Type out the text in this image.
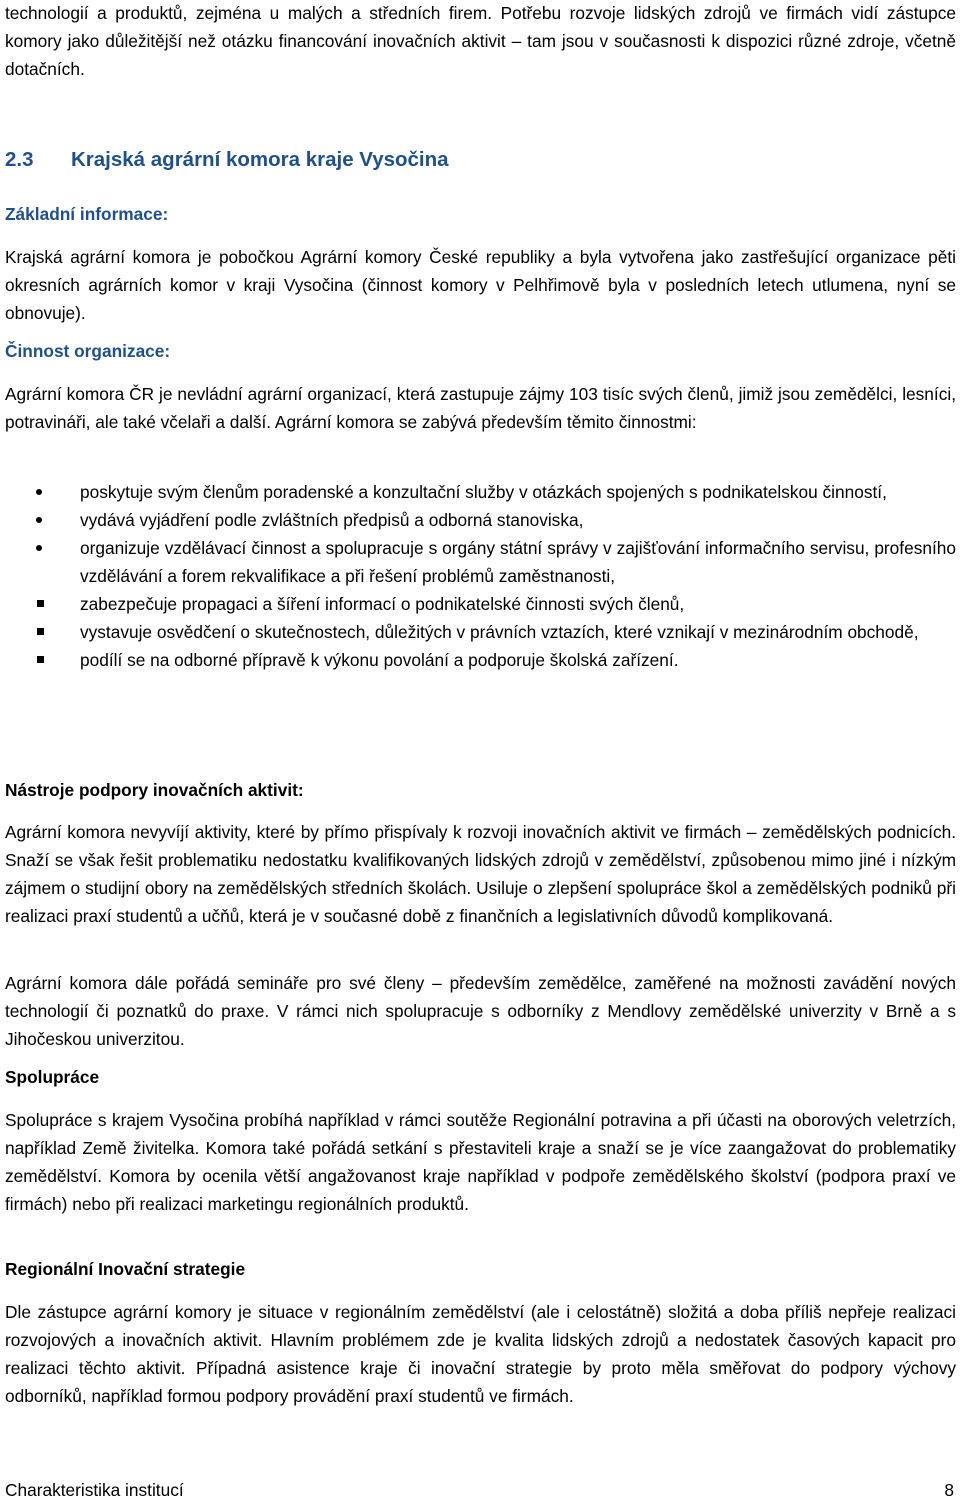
technologií a produktů, zejména u malých a středních firem. Potřebu rozvoje lidských zdrojů ve firmách vidí zástupce komory jako důležitější než otázku financování inovačních aktivit – tam jsou v současnosti k dispozici různé zdroje, včetně dotačních.

2.3 Krajská agrární komora kraje Vysočina
Základní informace:

Krajská agrární komora je pobočkou Agrární komory České republiky a byla vytvořena jako zastřešující organizace pěti okresních agrárních komor v kraji Vysočina (činnost komory v Pelhřimově byla v posledních letech utlumena, nyní se obnovuje).

Činnost organizace:

Agrární komora ČR je nevládní agrární organizací, která zastupuje zájmy 103 tisíc svých členů, jimiž jsou zemědělci, lesníci, potravináři, ale také včelaři a další. Agrární komora se zabývá především těmito činnostmi:

poskytuje svým členům poradenské a konzultační služby v otázkách spojených s podnikatelskou činností,
vydává vyjádření podle zvláštních předpisů a odborná stanoviska,
organizuje vzdělávací činnost a spolupracuje s orgány státní správy v zajišťování informačního servisu, profesního vzdělávání a forem rekvalifikace a při řešení problémů zaměstnanosti,
zabezpečuje propagaci a šíření informací o podnikatelské činnosti svých členů,
vystavuje osvědčení o skutečnostech, důležitých v právních vztazích, které vznikají v mezinárodním obchodě,
podílí se na odborné přípravě k výkonu povolání a podporuje školská zařízení.
Nástroje podpory inovačních aktivit:

Agrární komora nevyvíjí aktivity, které by přímo přispívaly k rozvoji inovačních aktivit ve firmách – zemědělských podnicích. Snaží se však řešit problematiku nedostatku kvalifikovaných lidských zdrojů v zemědělství, způsobenou mimo jiné i nízkým zájmem o studijní obory na zemědělských středních školách. Usiluje o zlepšení spolupráce škol a zemědělských podniků při realizaci praxí studentů a učňů, která je v současné době z finančních a legislativních důvodů komplikovaná.

Agrární komora dále pořádá semináře pro své členy – především zemědělce, zaměřené na možnosti zavádění nových technologií či poznatků do praxe. V rámci nich spolupracuje s odborníky z Mendlovy zemědělské univerzity v Brně a s Jihočeskou univerzitou.

Spolupráce

Spolupráce s krajem Vysočina probíhá například v rámci soutěže Regionální potravina a při účasti na oborových veletrzích, například Země živitelka. Komora také pořádá setkání s přestaviteli kraje a snaží se je více zaangažovat do problematiky zemědělství. Komora by ocenila větší angažovanost kraje například v podpoře zemědělského školství (podpora praxí ve firmách) nebo při realizaci marketingu regionálních produktů.

Regionální Inovační strategie

Dle zástupce agrární komory je situace v regionálním zemědělství (ale i celostátně) složitá a doba příliš nepřeje realizaci rozvojových a inovačních aktivit. Hlavním problémem zde je kvalita lidských zdrojů a nedostatek časových kapacit pro realizaci těchto aktivit. Případná asistence kraje či inovační strategie by proto měla směřovat do podpory výchovy odborníků, například formou podpory provádění praxí studentů ve firmách.

Charakteristika institucí	8
